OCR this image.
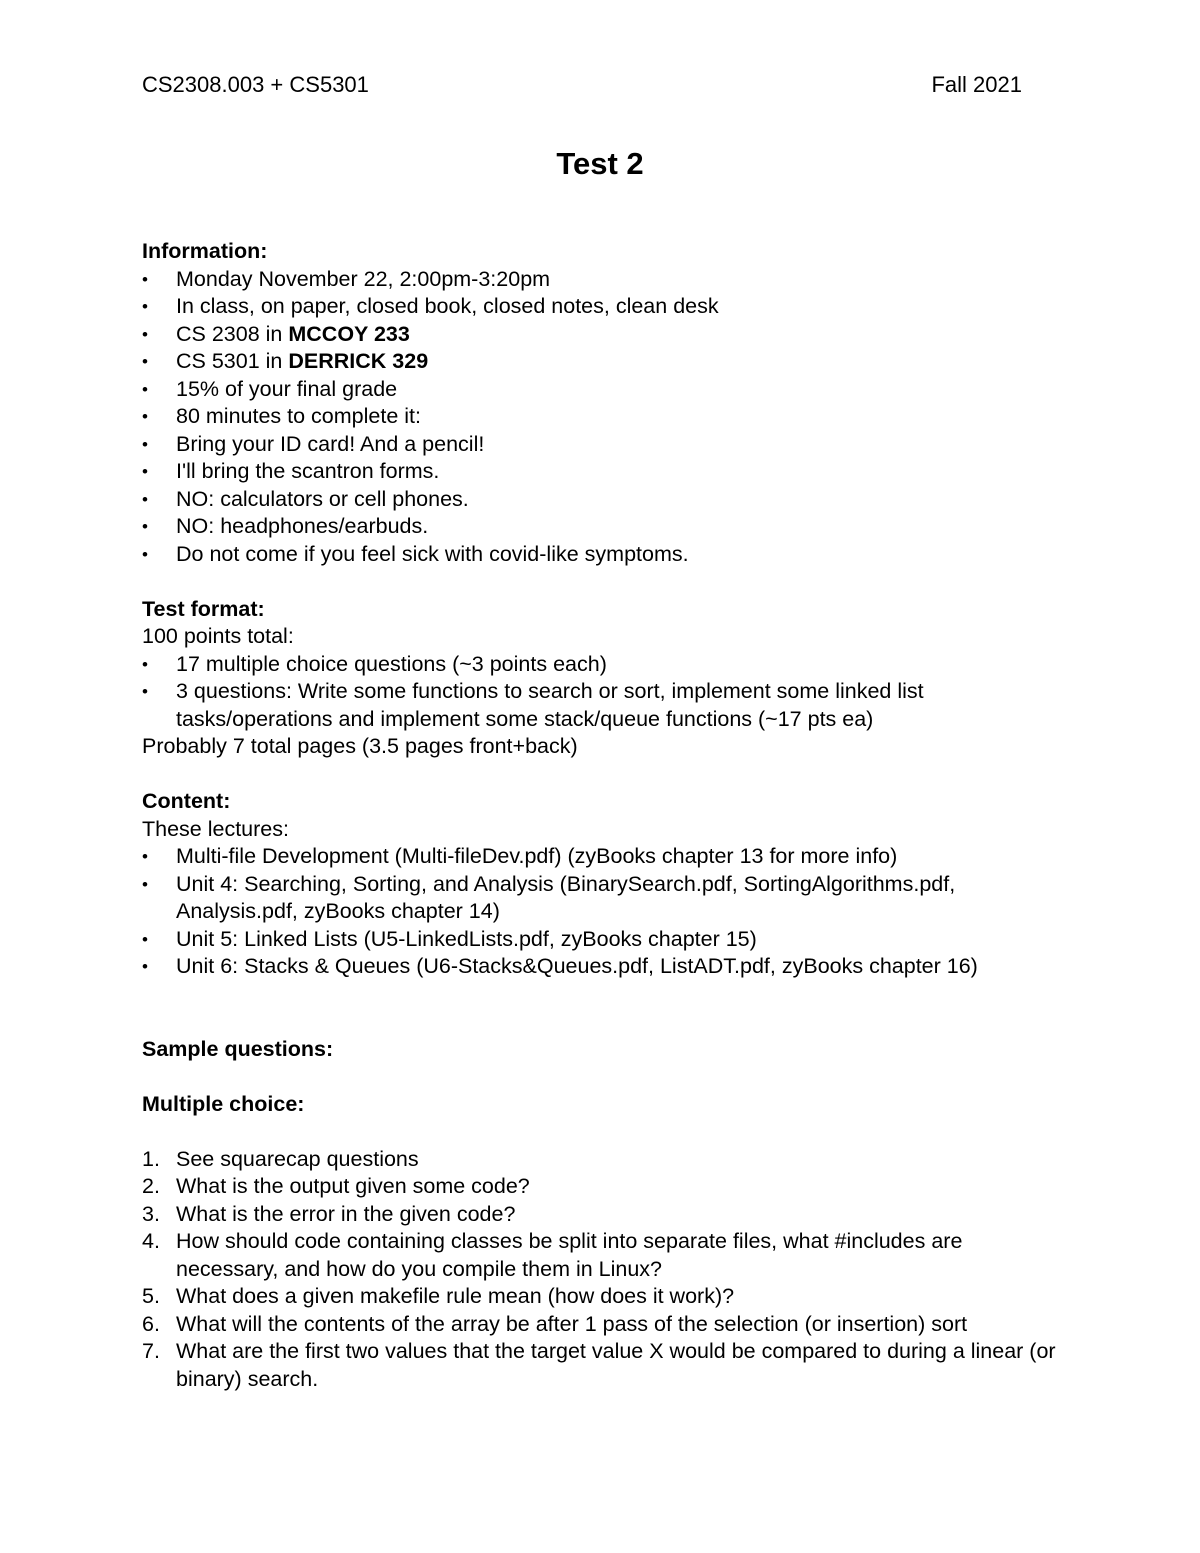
CS2308.003 + CS5301	Fall 2021
Test 2
Information:
• Monday November 22, 2:00pm-3:20pm
• In class, on paper, closed book, closed notes, clean desk
• CS 2308 in MCCOY 233
• CS 5301 in DERRICK 329
• 15% of your final grade
• 80 minutes to complete it:
• Bring your ID card! And a pencil!
• I'll bring the scantron forms.
• NO: calculators or cell phones.
• NO: headphones/earbuds.
• Do not come if you feel sick with covid-like symptoms.
Test format:
100 points total:
• 17 multiple choice questions (~3 points each)
• 3 questions: Write some functions to search or sort, implement some linked list tasks/operations and implement some stack/queue functions (~17 pts ea)
Probably 7 total pages (3.5 pages front+back)
Content:
These lectures:
• Multi-file Development (Multi-fileDev.pdf) (zyBooks chapter 13 for more info)
• Unit 4: Searching, Sorting, and Analysis (BinarySearch.pdf, SortingAlgorithms.pdf, Analysis.pdf, zyBooks chapter 14)
• Unit 5: Linked Lists (U5-LinkedLists.pdf, zyBooks chapter 15)
• Unit 6: Stacks & Queues (U6-Stacks&Queues.pdf, ListADT.pdf, zyBooks chapter 16)
Sample questions:
Multiple choice:
1. See squarecap questions
2. What is the output given some code?
3. What is the error in the given code?
4. How should code containing classes be split into separate files, what #includes are necessary, and how do you compile them in Linux?
5. What does a given makefile rule mean (how does it work)?
6. What will the contents of the array be after 1 pass of the selection (or insertion) sort
7. What are the first two values that the target value X would be compared to during a linear (or binary) search.
